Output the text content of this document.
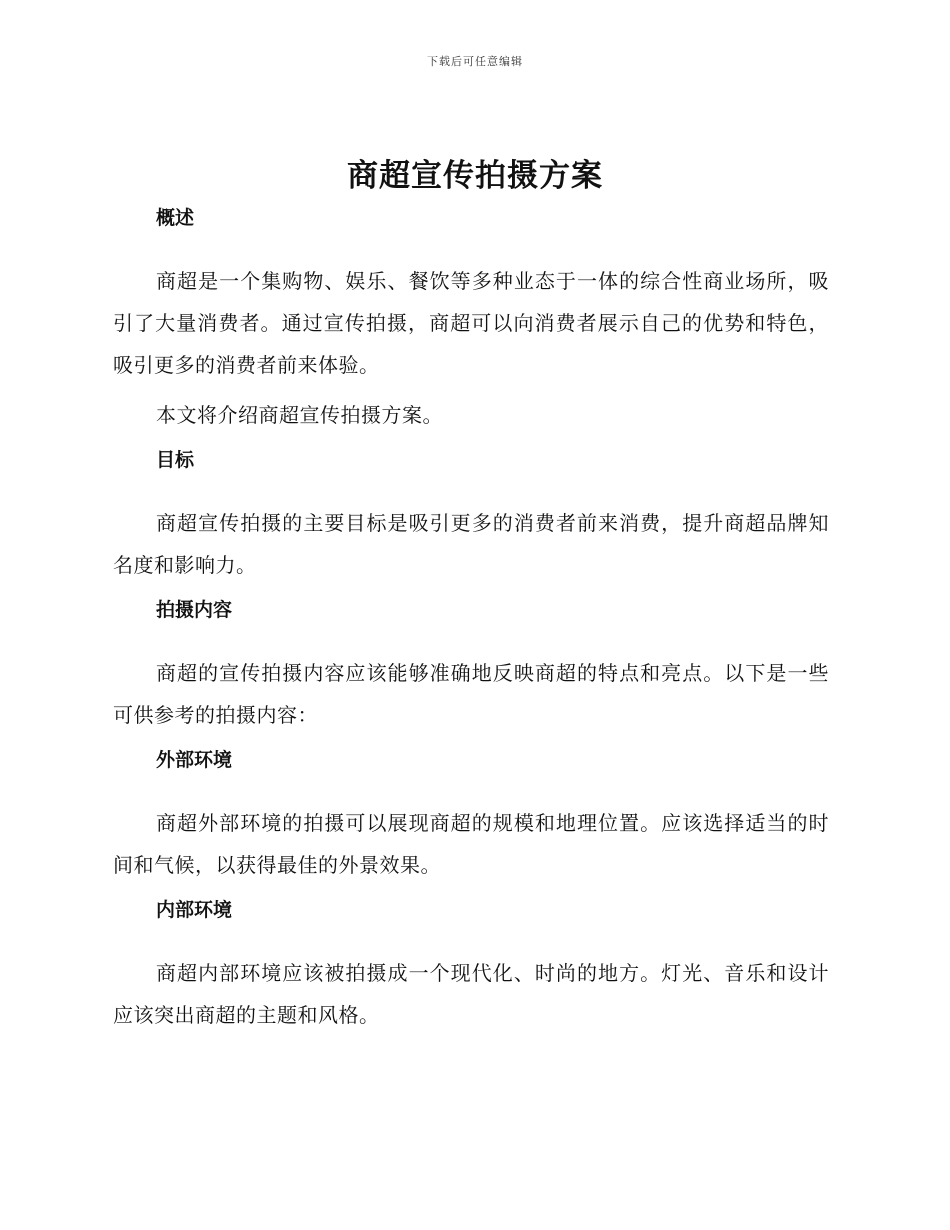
下载后可任意编辑
商超宣传拍摄方案
概述

商超是一个集购物、娱乐、餐饮等多种业态于一体的综合性商业场所，吸引了大量消费者。通过宣传拍摄，商超可以向消费者展示自己的优势和特色，吸引更多的消费者前来体验。

本文将介绍商超宣传拍摄方案。

目标

商超宣传拍摄的主要目标是吸引更多的消费者前来消费，提升商超品牌知名度和影响力。

拍摄内容

商超的宣传拍摄内容应该能够准确地反映商超的特点和亮点。以下是一些可供参考的拍摄内容：

外部环境

商超外部环境的拍摄可以展现商超的规模和地理位置。应该选择适当的时间和气候，以获得最佳的外景效果。

内部环境

商超内部环境应该被拍摄成一个现代化、时尚的地方。灯光、音乐和设计应该突出商超的主题和风格。
